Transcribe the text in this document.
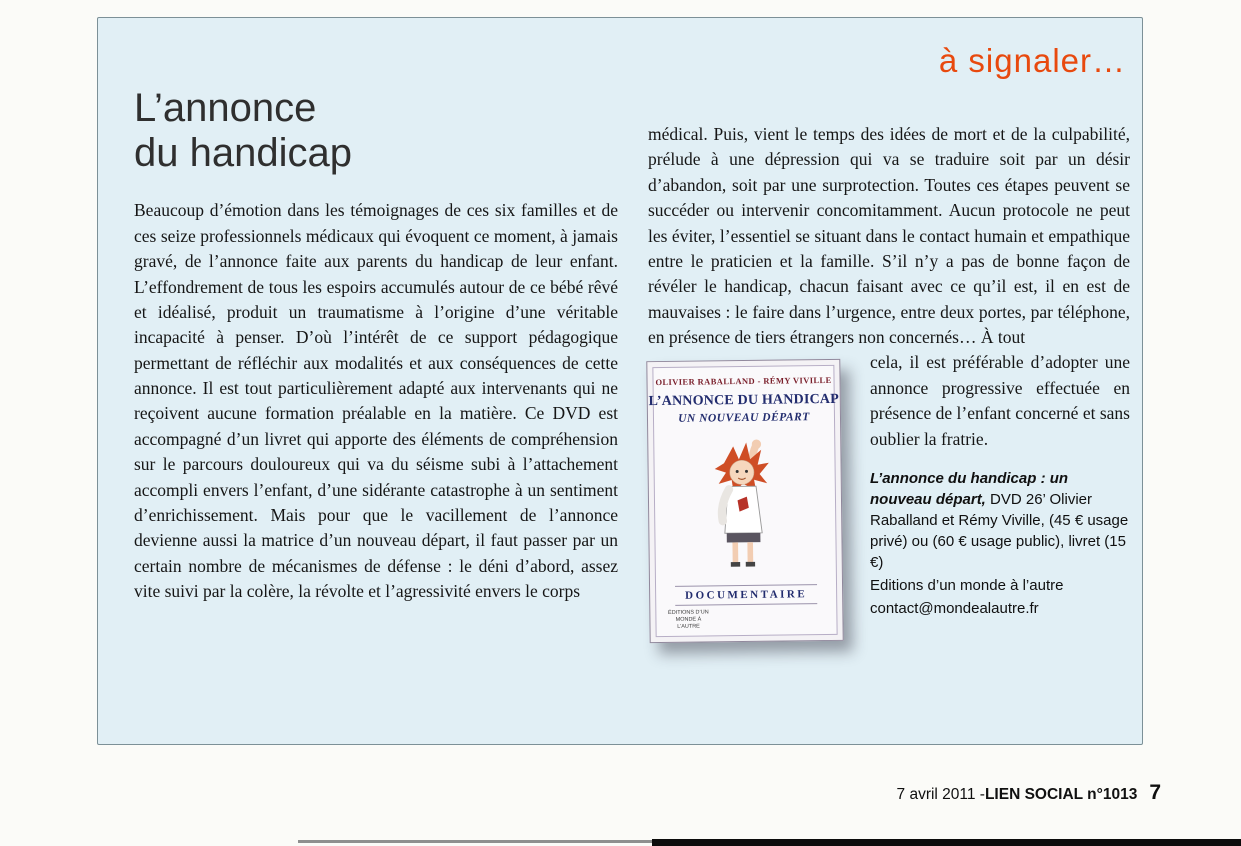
à signaler…
L’annonce
du handicap

Beaucoup d’émotion dans les témoignages de ces six familles et de ces seize professionnels médicaux qui évoquent ce moment, à jamais gravé, de l’annonce faite aux parents du handicap de leur enfant. L’effondrement de tous les espoirs accumulés autour de ce bébé rêvé et idéalisé, produit un traumatisme à l’origine d’une véritable incapacité à penser. D’où l’intérêt de ce support pédagogique permettant de réfléchir aux modalités et aux conséquences de cette annonce. Il est tout particulièrement adapté aux intervenants qui ne reçoivent aucune formation préalable en la matière. Ce DVD est accompagné d’un livret qui apporte des éléments de compréhension sur le parcours douloureux qui va du séisme subi à l’attachement accompli envers l’enfant, d’une sidérante catastrophe à un sentiment d’enrichissement. Mais pour que le vacillement de l’annonce devienne aussi la matrice d’un nouveau départ, il faut passer par un certain nombre de mécanismes de défense : le déni d’abord, assez vite suivi par la colère, la révolte et l’agressivité envers le corps

médical. Puis, vient le temps des idées de mort et de la culpabilité, prélude à une dépression qui va se traduire soit par un désir d’abandon, soit par une surprotection. Toutes ces étapes peuvent se succéder ou intervenir concomitamment. Aucun protocole ne peut les éviter, l’essentiel se situant dans le contact humain et empathique entre le praticien et la famille. S’il n’y a pas de bonne façon de révéler le handicap, chacun faisant avec ce qu’il est, il en est de mauvaises : le faire dans l’urgence, entre deux portes, par téléphone, en présence de tiers étrangers non concernés… À tout

OLIVIER RABALLAND - RÉMY VIVILLE
L’ANNONCE DU HANDICAP
UN NOUVEAU DÉPART
DOCUMENTAIRE
ÉDITIONS D’UN MONDE À L’AUTRE

cela, il est préférable d’adopter une annonce progressive effectuée en présence de l’enfant concerné et sans oublier la fratrie.

L’annonce du handicap : un nouveau départ, DVD 26’ Olivier Raballand et Rémy Viville, (45 € usage privé) ou (60 € usage public), livret (15 €)

Editions d’un monde à l’autre
contact@mondealautre.fr
7 avril 2011 - LIEN SOCIAL n°1013 7
